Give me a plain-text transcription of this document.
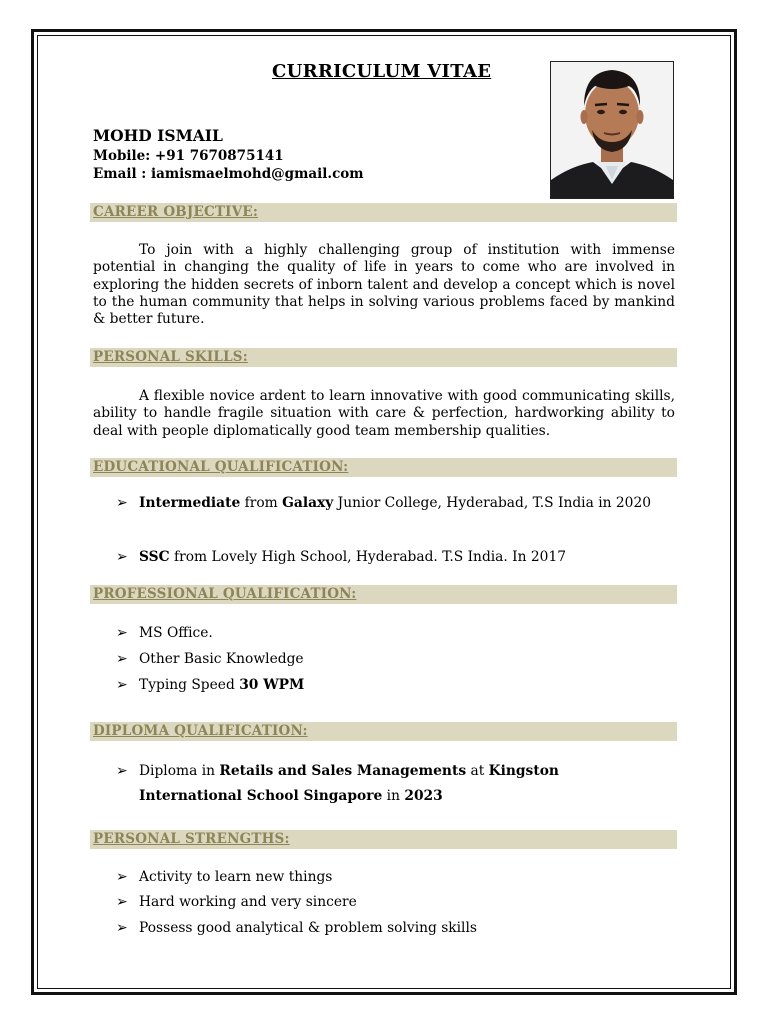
CURRICULUM VITAE
MOHD ISMAIL
Mobile: +91 7670875141
Email : iamismaelmohd@gmail.com
CAREER OBJECTIVE:
To join with a highly challenging group of institution with immense potential in changing the quality of life in years to come who are involved in exploring the hidden secrets of inborn talent and develop a concept which is novel to the human community that helps in solving various problems faced by mankind & better future.
PERSONAL SKILLS:
A flexible novice ardent to learn innovative with good communicating skills, ability to handle fragile situation with care & perfection, hardworking ability to deal with people diplomatically good team membership qualities.
EDUCATIONAL QUALIFICATION:
➢ Intermediate from Galaxy Junior College, Hyderabad, T.S India in 2020
➢ SSC from Lovely High School, Hyderabad. T.S India. In 2017
PROFESSIONAL QUALIFICATION:
➢ MS Office.
➢ Other Basic Knowledge
➢ Typing Speed 30 WPM
DIPLOMA QUALIFICATION:
➢ Diploma in Retails and Sales Managements at Kingston International School Singapore in 2023
PERSONAL STRENGTHS:
➢ Activity to learn new things
➢ Hard working and very sincere
➢ Possess good analytical & problem solving skills
